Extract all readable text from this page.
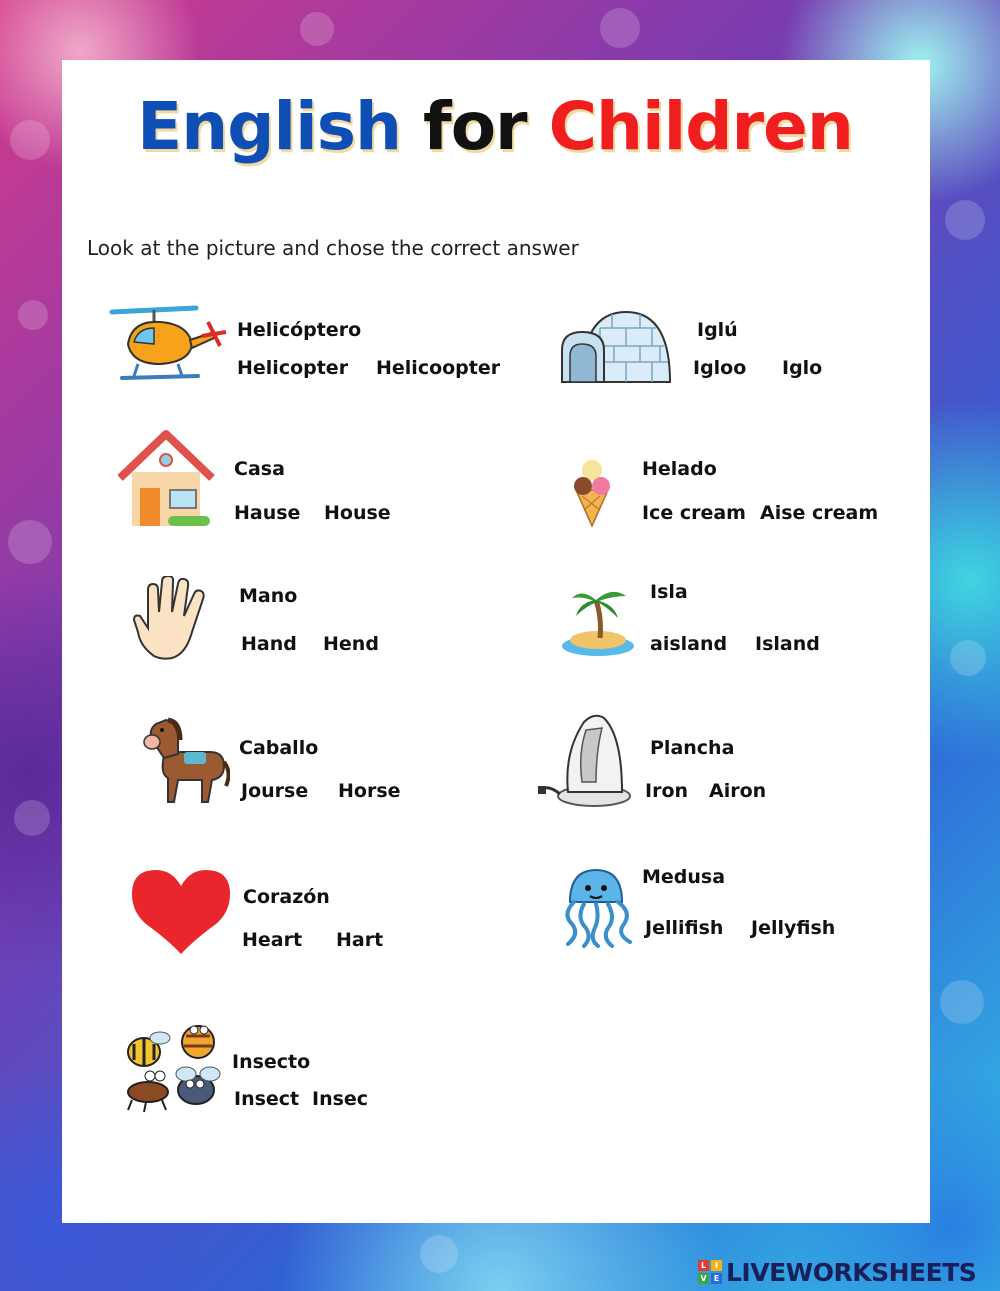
English for Children
Look at the picture and chose the correct answer
Helicóptero
Helicopter Helicoopter
Iglú
Igloo Iglo
Casa
Hause House
Helado
Ice cream Aise cream
Mano
Hand Hend
Isla
aisland Island
Caballo
Jourse Horse
Plancha
Iron Airon
Corazón
Heart Hart
Medusa
Jellifish Jellyfish
Insecto
Insect Insec
L	I
V E LIVEWORKSHEETS
